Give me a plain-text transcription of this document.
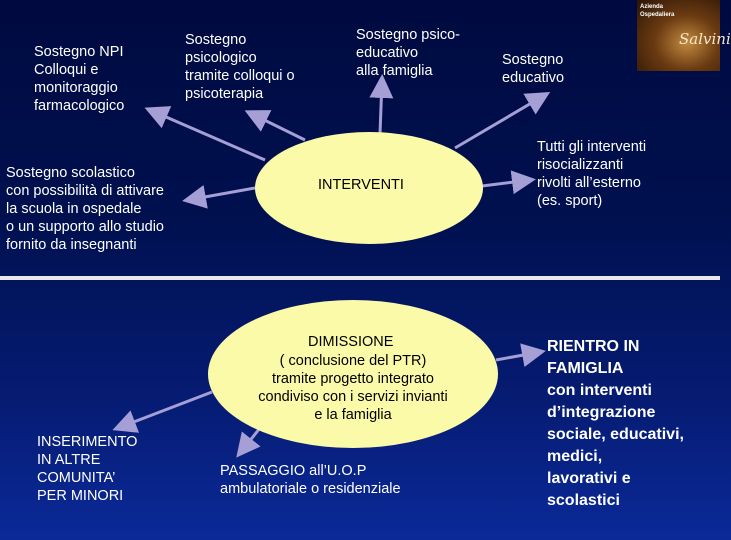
Sostegno NPI
Colloqui e
monitoraggio
farmacologico
Sostegno
psicologico
tramite colloqui o
psicoterapia
Sostegno psico-
educativo
alla famiglia
Sostegno
educativo
Sostegno scolastico
con possibilità di attivare
la scuola in ospedale
o un supporto allo studio
fornito da insegnanti
INTERVENTI
Tutti gli interventi
risocializzanti
rivolti all’esterno
(es. sport)
DIMISSIONE
( conclusione del PTR)
tramite progetto integrato
condiviso con i servizi invianti
e la famiglia
INSERIMENTO
IN ALTRE
COMUNITA’
PER MINORI
PASSAGGIO all’U.O.P
ambulatoriale o residenziale
RIENTRO IN
FAMIGLIA
con interventi
d’integrazione
sociale, educativi,
medici,
lavorativi e
scolastici
Azienda
Ospedaliera
Salvini
